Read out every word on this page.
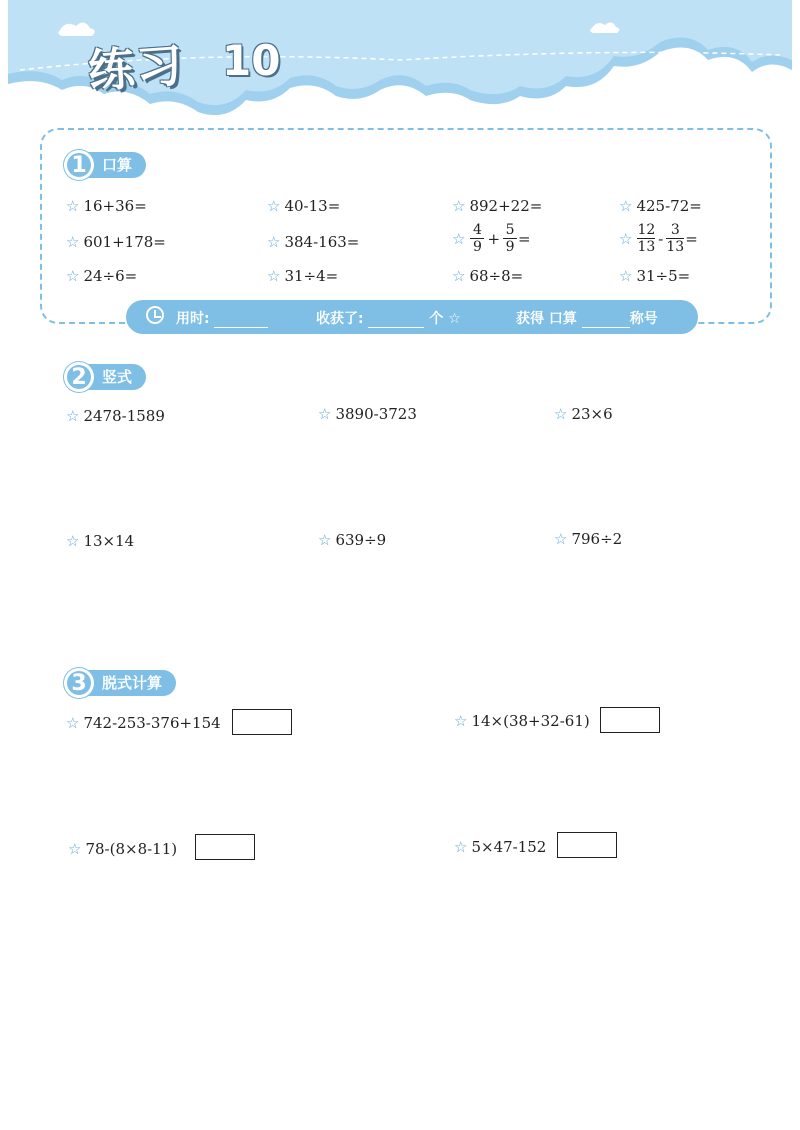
练习 10
1	口算
☆ 16+36=	☆ 40-13=	☆ 892+22=	☆ 425-72=
☆ 601+178=	☆ 384-163=	☆ $\frac{4}{9} + \frac{5}{9}$ =	☆ $\frac{12}{13} - \frac{3}{13}$ =
☆ 24÷6=	☆ 31÷4=	☆ 68÷8=	☆ 31÷5=
用时:	收获了:	个 ☆	获得 口算	称号
2	竖式
☆ 2478-1589	☆ 3890-3723	☆ 23×6
☆ 13×14	☆ 639÷9	☆ 796÷2
3	脱式计算
☆ 742-253-376+154	☆ 14×(38+32-61)
☆ 78-(8×8-11)	☆ 5×47-152
